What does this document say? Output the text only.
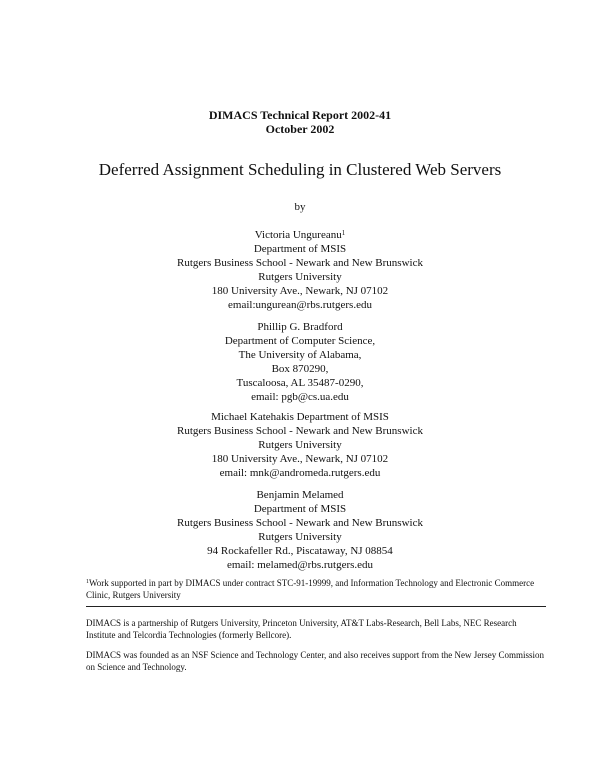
DIMACS Technical Report 2002-41
October 2002
Deferred Assignment Scheduling in Clustered Web Servers
by
Victoria Ungureanu$^1$
Department of MSIS
Rutgers Business School - Newark and New Brunswick
Rutgers University
180 University Ave., Newark, NJ 07102
email:ungurean@rbs.rutgers.edu
Phillip G. Bradford
Department of Computer Science,
The University of Alabama,
Box 870290,
Tuscaloosa, AL 35487-0290,
email: pgb@cs.ua.edu
Michael Katehakis Department of MSIS
Rutgers Business School - Newark and New Brunswick
Rutgers University
180 University Ave., Newark, NJ 07102
email: mnk@andromeda.rutgers.edu
Benjamin Melamed
Department of MSIS
Rutgers Business School - Newark and New Brunswick
Rutgers University
94 Rockafeller Rd., Piscataway, NJ 08854
email: melamed@rbs.rutgers.edu
$^1$Work supported in part by DIMACS under contract STC-91-19999, and Information Technology and Electronic Commerce Clinic, Rutgers University
DIMACS is a partnership of Rutgers University, Princeton University, AT&T Labs-Research, Bell Labs, NEC Research Institute and Telcordia Technologies (formerly Bellcore).
DIMACS was founded as an NSF Science and Technology Center, and also receives support from the New Jersey Commission on Science and Technology.
